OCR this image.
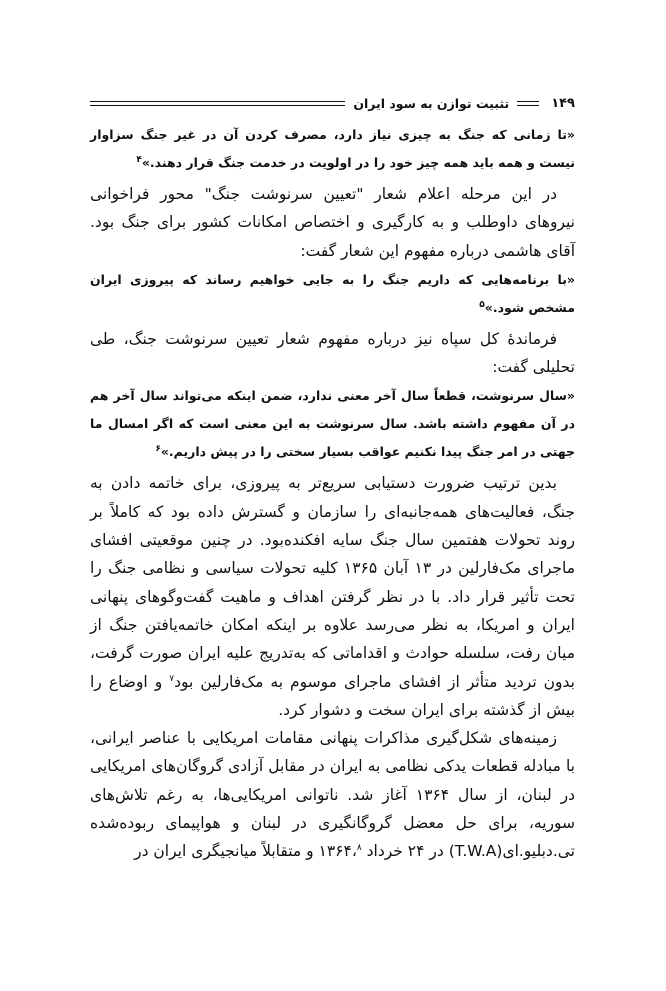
۱۴۹
تثبیت توازن به سود ایران

«تا زمانی که جنگ به چیزی نیاز دارد، مصرف کردن آن در غیر جنگ سزاوار نیست و همه باید همه چیز خود را در اولویت در خدمت جنگ قرار دهند.»$^۴$

در این مرحله اعلام شعار "تعیین سرنوشت جنگ" محور فراخوانی نیروهای داوطلب و به کارگیری و اختصاص امکانات کشور برای جنگ بود. آقای هاشمی درباره مفهوم این شعار گفت:

«با برنامه‌هایی که داریم جنگ را به جایی خواهیم رساند که پیروزی ایران مشخص شود.»$^۵$

فرماندهٔ کل سپاه نیز درباره مفهوم شعار تعیین سرنوشت جنگ، طی تحلیلی گفت:

«سال سرنوشت، قطعاً سال آخر معنی ندارد، ضمن اینکه می‌تواند سال آخر هم در آن مفهوم داشته باشد. سال سرنوشت به این معنی است که اگر امسال ما جهتی در امر جنگ پیدا نکنیم عواقب بسیار سختی را در پیش داریم.»$^۶$

بدین ترتیب ضرورت دستیابی سریع‌تر به پیروزی، برای خاتمه دادن به جنگ، فعالیت‌های همه‌جانبه‌ای را سازمان و گسترش داده بود که کاملاً بر روند تحولات هفتمین سال جنگ سایه افکنده‌بود. در چنین موقعیتی افشای ماجرای مک‌فارلین در ۱۳ آبان ۱۳۶۵ کلیه تحولات سیاسی و نظامی جنگ را تحت تأثیر قرار داد. با در نظر گرفتن اهداف و ماهیت گفت‌وگوهای پنهانی ایران و امریکا، به نظر می‌رسد علاوه بر اینکه امکان خاتمه‌یافتن جنگ از میان رفت، سلسله حوادث و اقداماتی که به‌تدریج علیه ایران صورت گرفت، بدون تردید متأثر از افشای ماجرای موسوم به مک‌فارلین بود$^۷$ و اوضاع را بیش از گذشته برای ایران سخت و دشوار کرد.

زمینه‌های شکل‌گیری مذاکرات پنهانی مقامات امریکایی با عناصر ایرانی، با مبادله قطعات یدکی نظامی به ایران در مقابل آزادی گروگان‌های امریکایی در لبنان، از سال ۱۳۶۴ آغاز شد. ناتوانی امریکایی‌ها، به رغم تلاش‌های سوریه، برای حل معضل گروگانگیری در لبنان و هواپیمای ربوده‌شده تی.دبلیو.ای(T.W.A) در ۲۴ خرداد ۱۳۶۴،$^۸$ و متقابلاً میانجیگری ایران در
